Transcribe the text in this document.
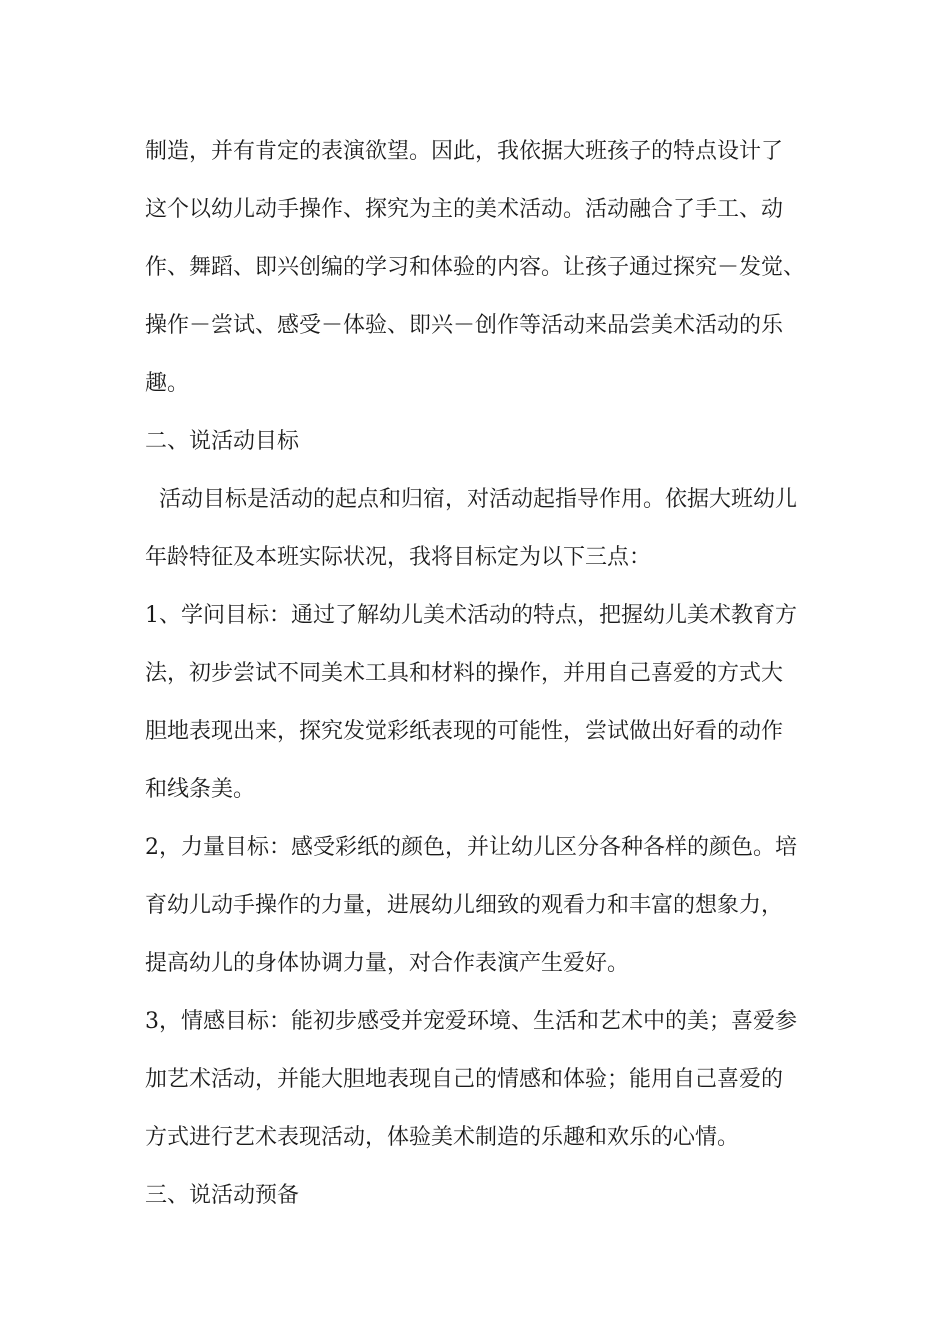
制造，并有肯定的表演欲望。因此，我依据大班孩子的特点设计了
这个以幼儿动手操作、探究为主的美术活动。活动融合了手工、动
作、舞蹈、即兴创编的学习和体验的内容。让孩子通过探究－发觉、
操作－尝试、感受－体验、即兴－创作等活动来品尝美术活动的乐
趣。
二、说活动目标
活动目标是活动的起点和归宿，对活动起指导作用。依据大班幼儿
年龄特征及本班实际状况，我将目标定为以下三点：
1、学问目标：通过了解幼儿美术活动的特点，把握幼儿美术教育方
法，初步尝试不同美术工具和材料的操作，并用自己喜爱的方式大
胆地表现出来，探究发觉彩纸表现的可能性，尝试做出好看的动作
和线条美。
2，力量目标：感受彩纸的颜色，并让幼儿区分各种各样的颜色。培
育幼儿动手操作的力量，进展幼儿细致的观看力和丰富的想象力，
提高幼儿的身体协调力量，对合作表演产生爱好。
3，情感目标：能初步感受并宠爱环境、生活和艺术中的美；喜爱参
加艺术活动，并能大胆地表现自己的情感和体验；能用自己喜爱的
方式进行艺术表现活动，体验美术制造的乐趣和欢乐的心情。
三、说活动预备
